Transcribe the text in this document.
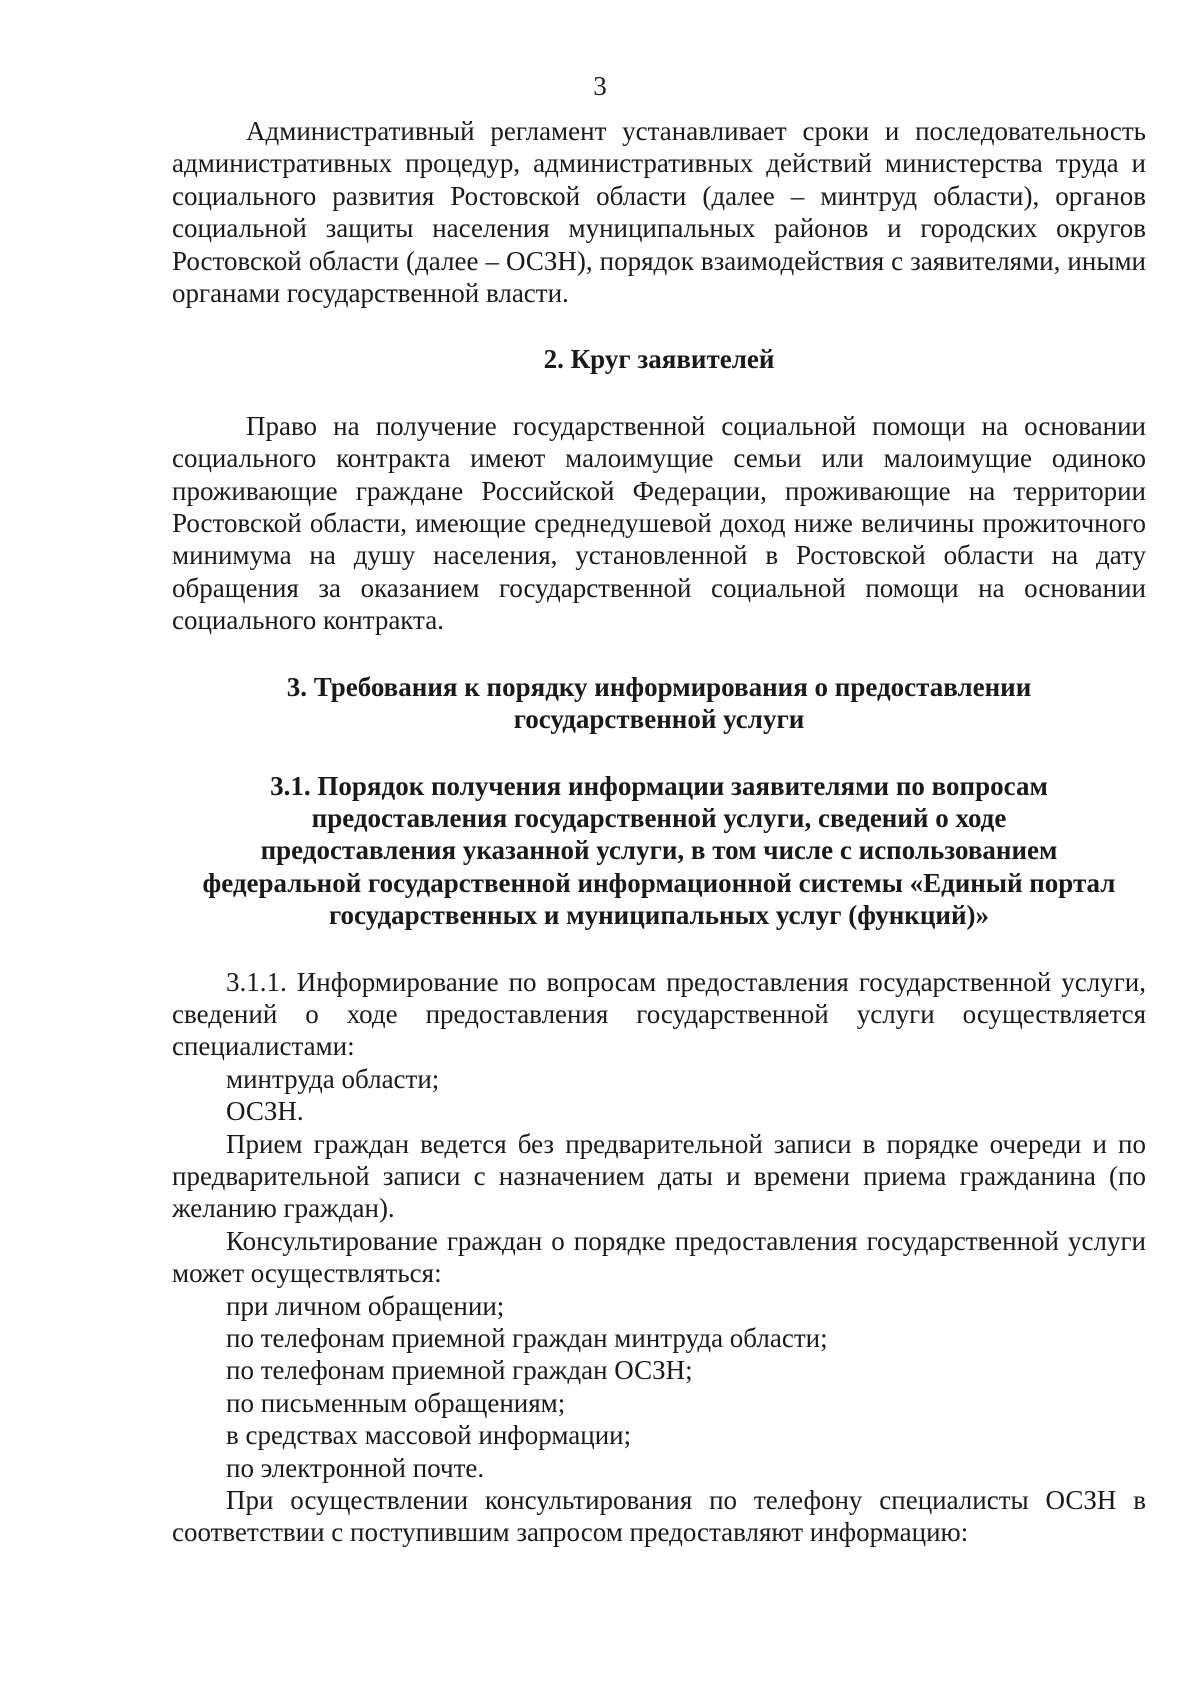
3

Административный регламент устанавливает сроки и последовательность административных процедур, административных действий министерства труда и социального развития Ростовской области (далее – минтруд области), органов социальной защиты населения муниципальных районов и городских округов Ростовской области (далее – ОСЗН), порядок взаимодействия с заявителями, иными органами государственной власти.

2. Круг заявителей

Право на получение государственной социальной помощи на основании социального контракта имеют малоимущие семьи или малоимущие одиноко проживающие граждане Российской Федерации, проживающие на территории Ростовской области, имеющие среднедушевой доход ниже величины прожиточного минимума на душу населения, установленной в Ростовской области на дату обращения за оказанием государственной социальной помощи на основании социального контракта.

3. Требования к порядку информирования о предоставлении
государственной услуги
3.1. Порядок получения информации заявителями по вопросам
предоставления государственной услуги, сведений о ходе
предоставления указанной услуги, в том числе с использованием
федеральной государственной информационной системы «Единый портал
государственных и муниципальных услуг (функций)»

3.1.1. Информирование по вопросам предоставления государственной услуги, сведений о ходе предоставления государственной услуги осуществляется специалистами:

минтруда области;

ОСЗН.

Прием граждан ведется без предварительной записи в порядке очереди и по предварительной записи с назначением даты и времени приема гражданина (по желанию граждан).

Консультирование граждан о порядке предоставления государственной услуги может осуществляться:

при личном обращении;

по телефонам приемной граждан минтруда области;

по телефонам приемной граждан ОСЗН;

по письменным обращениям;

в средствах массовой информации;

по электронной почте.

При осуществлении консультирования по телефону специалисты ОСЗН в соответствии с поступившим запросом предоставляют информацию:
